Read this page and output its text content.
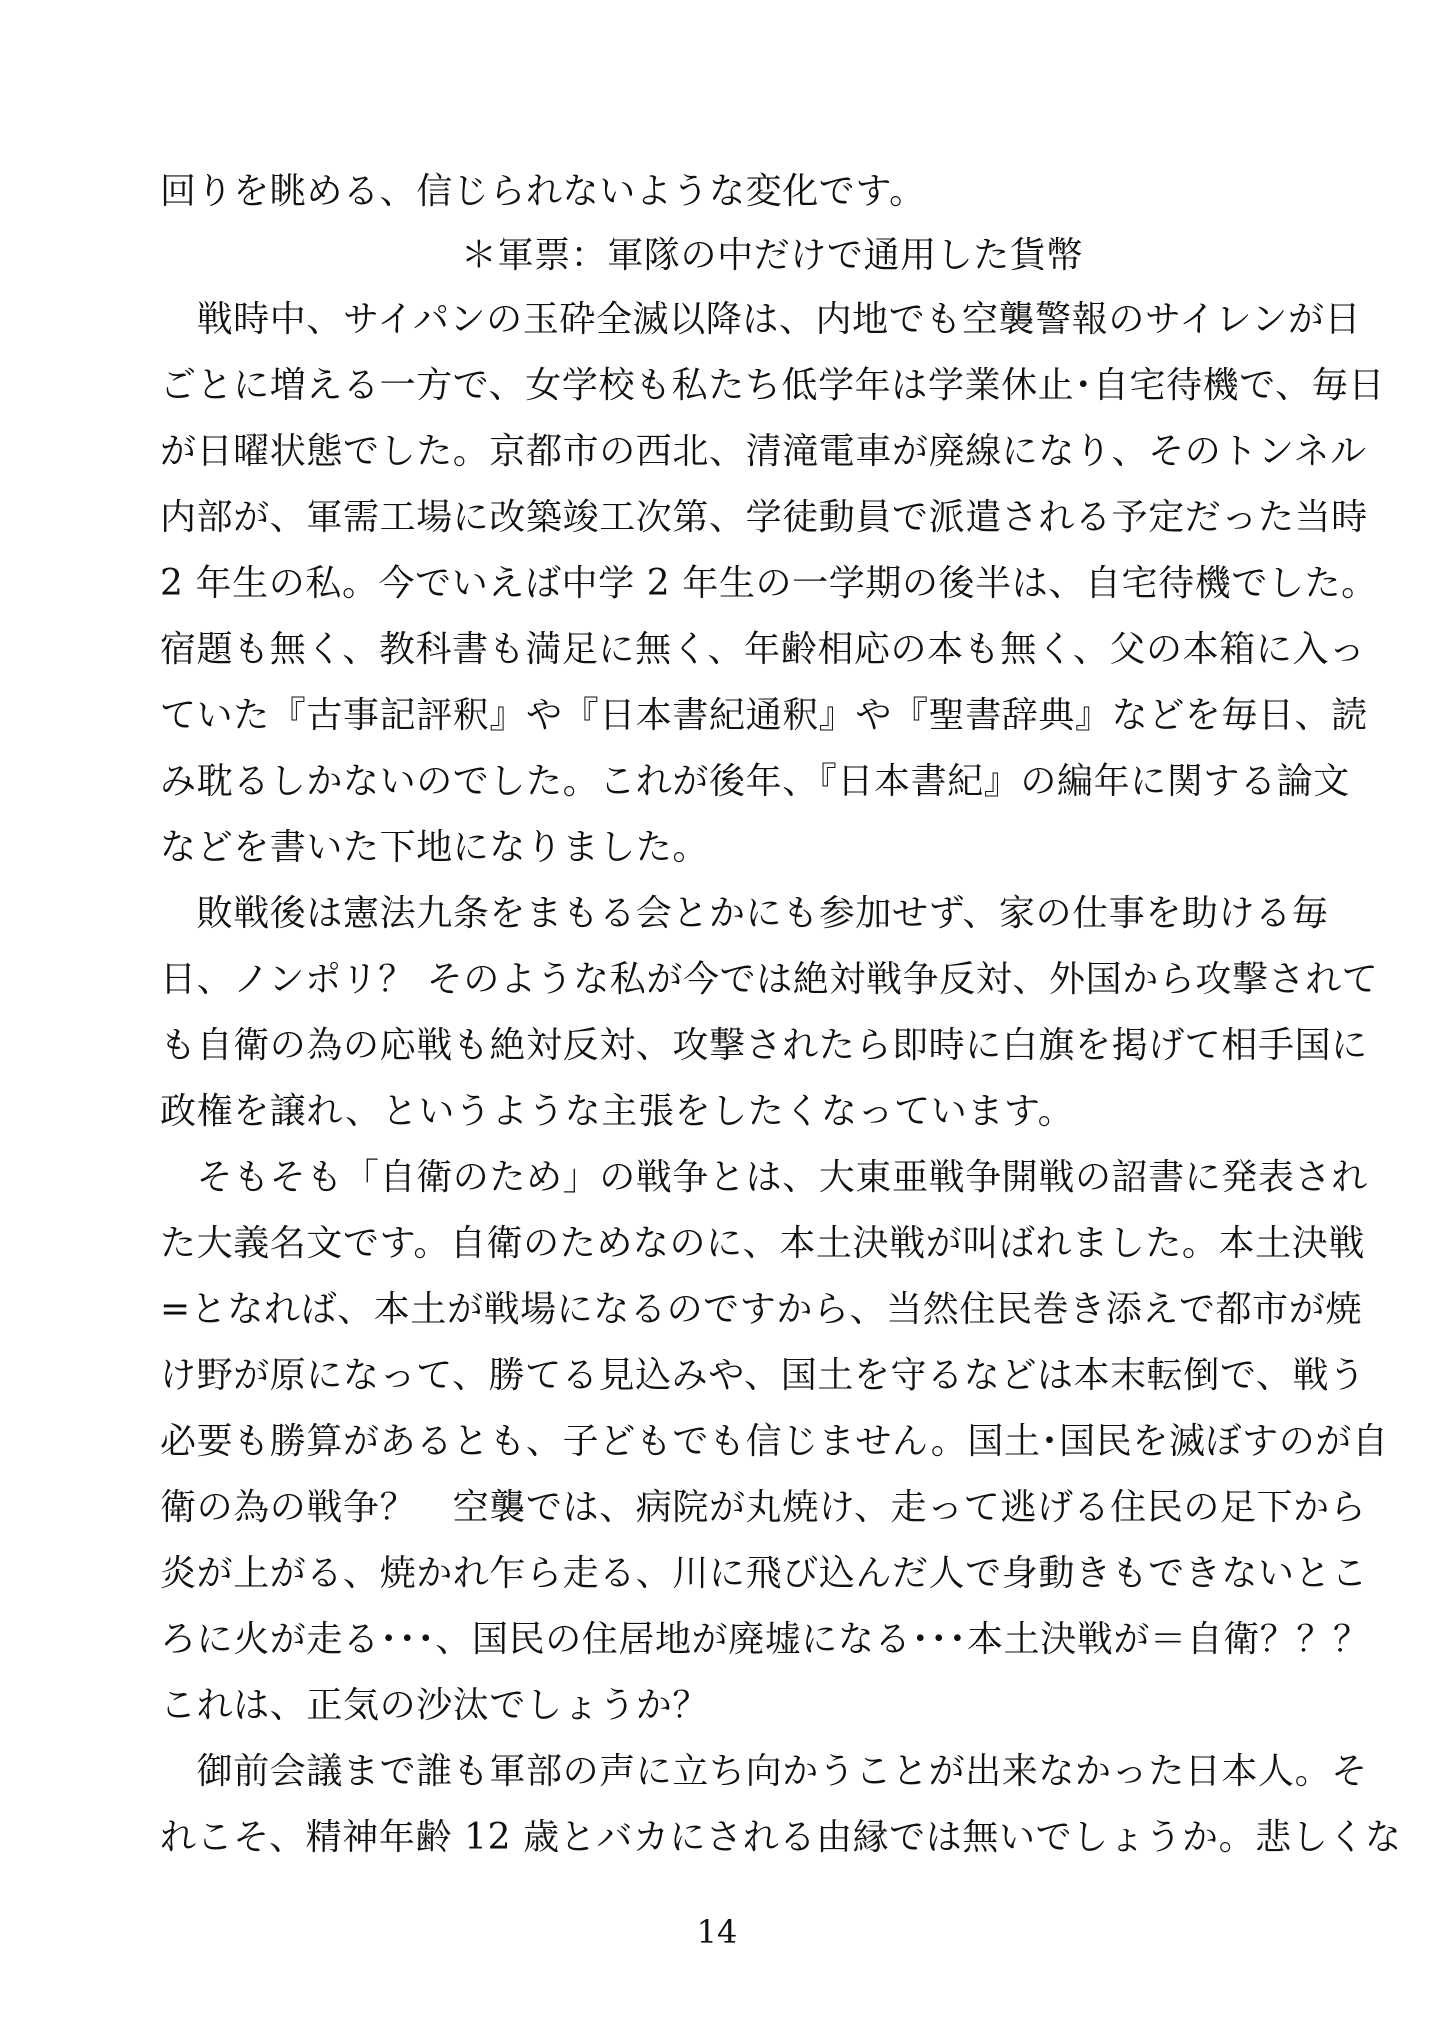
回りを眺める、信じられないような変化です。
＊軍票：軍隊の中だけで通用した貨幣
　戦時中、サイパンの玉砕全滅以降は、内地でも空襲警報のサイレンが日
ごとに増える一方で、女学校も私たち低学年は学業休止･自宅待機で、毎日
が日曜状態でした。京都市の西北、清滝電車が廃線になり、そのトンネル
内部が、軍需工場に改築竣工次第、学徒動員で派遣される予定だった当時
2 年生の私。今でいえば中学 2 年生の一学期の後半は、自宅待機でした。
宿題も無く、教科書も満足に無く、年齢相応の本も無く、父の本箱に入っ
ていた『古事記評釈』や『日本書紀通釈』や『聖書辞典』などを毎日、読
み耽るしかないのでした。これが後年、『日本書紀』の編年に関する論文
などを書いた下地になりました。
　敗戦後は憲法九条をまもる会とかにも参加せず、家の仕事を助ける毎
日、ノンポリ？ そのような私が今では絶対戦争反対、外国から攻撃されて
も自衛の為の応戦も絶対反対、攻撃されたら即時に白旗を掲げて相手国に
政権を譲れ、というような主張をしたくなっています。
　そもそも「自衛のため」の戦争とは、大東亜戦争開戦の詔書に発表され
た大義名文です。自衛のためなのに、本土決戦が叫ばれました。本土決戦
=となれば、本土が戦場になるのですから、当然住民巻き添えで都市が焼
け野が原になって、勝てる見込みや、国土を守るなどは本末転倒で、戦う
必要も勝算があるとも、子どもでも信じません。国土･国民を滅ぼすのが自
衛の為の戦争？　空襲では、病院が丸焼け、走って逃げる住民の足下から
炎が上がる、焼かれ乍ら走る、川に飛び込んだ人で身動きもできないとこ
ろに火が走る･･･、国民の住居地が廃墟になる･･･本土決戦が＝自衛？？？
これは、正気の沙汰でしょうか？
　御前会議まで誰も軍部の声に立ち向かうことが出来なかった日本人。そ
れこそ、精神年齢 12 歳とバカにされる由縁では無いでしょうか。悲しくな
14
